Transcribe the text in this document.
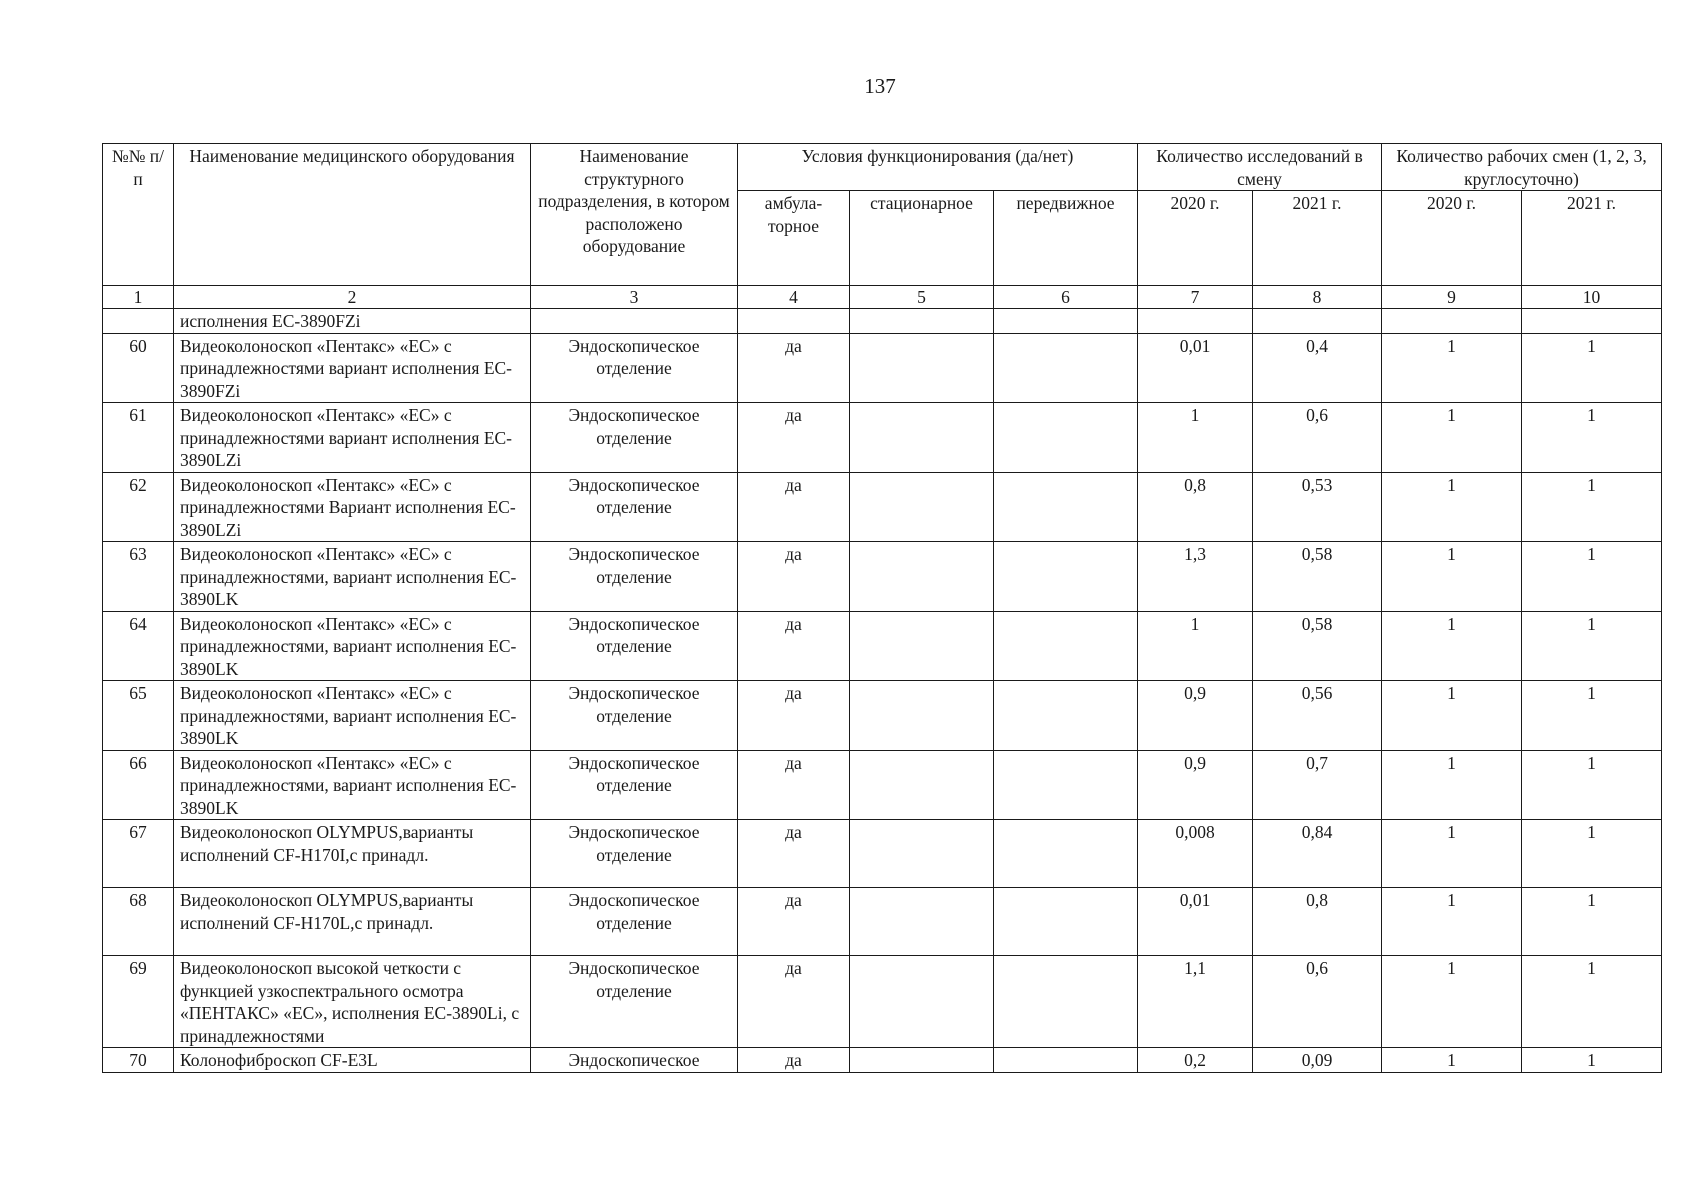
137
№№ п/п	Наименование медицинского оборудования	Наименование структурного подразделения, в котором расположено оборудование	Условия функционирования (да/нет)			Количество исследований в смену		Количество рабочих смен (1, 2, 3, круглосуточно)	
			амбула-торное	стационарное	передвижное	2020 г.	2021 г.	2020 г.	2021 г.
1	2	3	4	5	6	7	8	9	10
	исполнения EC-3890FZi								
60	Видеоколоноскоп «Пентакс» «ЕС» с принадлежностями вариант исполнения EC-3890FZi	Эндоскопическое отделение	да			0,01	0,4	1	1
61	Видеоколоноскоп «Пентакс» «ЕС» с принадлежностями вариант исполнения EC-3890LZi	Эндоскопическое отделение	да			1	0,6	1	1
62	Видеоколоноскоп «Пентакс» «ЕС» с принадлежностями Вариант исполнения EC-3890LZi	Эндоскопическое отделение	да			0,8	0,53	1	1
63	Видеоколоноскоп «Пентакс» «ЕС» с принадлежностями, вариант исполнения EC-3890LK	Эндоскопическое отделение	да			1,3	0,58	1	1
64	Видеоколоноскоп «Пентакс» «ЕС» с принадлежностями, вариант исполнения EC-3890LK	Эндоскопическое отделение	да			1	0,58	1	1
65	Видеоколоноскоп «Пентакс» «ЕС» с принадлежностями, вариант исполнения EC-3890LK	Эндоскопическое отделение	да			0,9	0,56	1	1
66	Видеоколоноскоп «Пентакс» «ЕС» с принадлежностями, вариант исполнения EC-3890LK	Эндоскопическое отделение	да			0,9	0,7	1	1
67	Видеоколоноскоп OLYMPUS,варианты исполнений CF-H170I,с принадл.	Эндоскопическое отделение	да			0,008	0,84	1	1
68	Видеоколоноскоп OLYMPUS,варианты исполнений CF-H170L,с принадл.	Эндоскопическое отделение	да			0,01	0,8	1	1
69	Видеоколоноскоп высокой четкости с функцией узкоспектрального осмотра «ПЕНТАКС» «ЕС», исполнения EC-3890Li, с принадлежностями	Эндоскопическое отделение	да			1,1	0,6	1	1
70	Колонофиброскоп CF-E3L	Эндоскопическое	да			0,2	0,09	1	1
